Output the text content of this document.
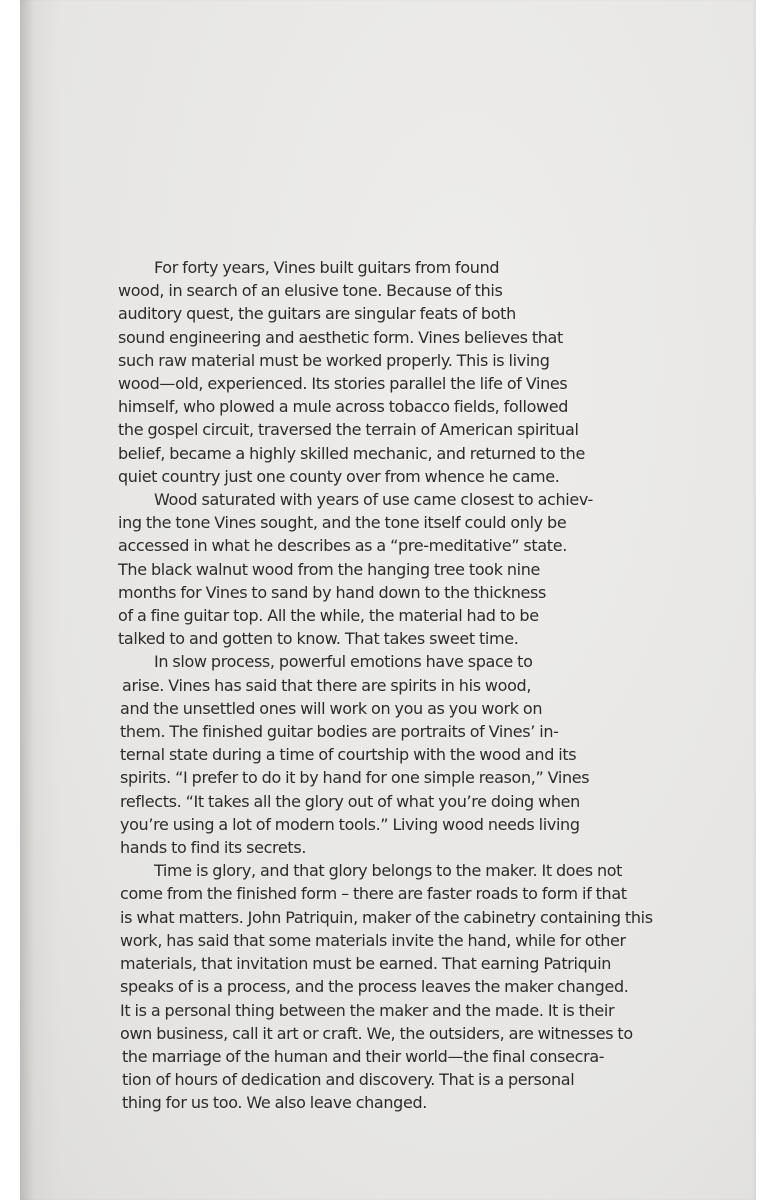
For forty years, Vines built guitars from found
wood, in search of an elusive tone. Because of this
auditory quest, the guitars are singular feats of both
sound engineering and aesthetic form. Vines believes that
such raw material must be worked properly. This is living
wood—old, experienced. Its stories parallel the life of Vines
himself, who plowed a mule across tobacco fields, followed
the gospel circuit, traversed the terrain of American spiritual
belief, became a highly skilled mechanic, and returned to the
quiet country just one county over from whence he came.

Wood saturated with years of use came closest to achiev-
ing the tone Vines sought, and the tone itself could only be
accessed in what he describes as a “pre-meditative” state.
The black walnut wood from the hanging tree took nine
months for Vines to sand by hand down to the thickness
of a fine guitar top. All the while, the material had to be
talked to and gotten to know. That takes sweet time.

In slow process, powerful emotions have space to
arise. Vines has said that there are spirits in his wood,
and the unsettled ones will work on you as you work on
them. The finished guitar bodies are portraits of Vines’ in-
ternal state during a time of courtship with the wood and its
spirits. “I prefer to do it by hand for one simple reason,” Vines
reflects. “It takes all the glory out of what you’re doing when
you’re using a lot of modern tools.” Living wood needs living
hands to find its secrets.

Time is glory, and that glory belongs to the maker. It does not
come from the finished form – there are faster roads to form if that
is what matters. John Patriquin, maker of the cabinetry containing this
work, has said that some materials invite the hand, while for other
materials, that invitation must be earned. That earning Patriquin
speaks of is a process, and the process leaves the maker changed.
It is a personal thing between the maker and the made. It is their
own business, call it art or craft. We, the outsiders, are witnesses to
the marriage of the human and their world—the final consecra-
tion of hours of dedication and discovery. That is a personal
thing for us too. We also leave changed.
